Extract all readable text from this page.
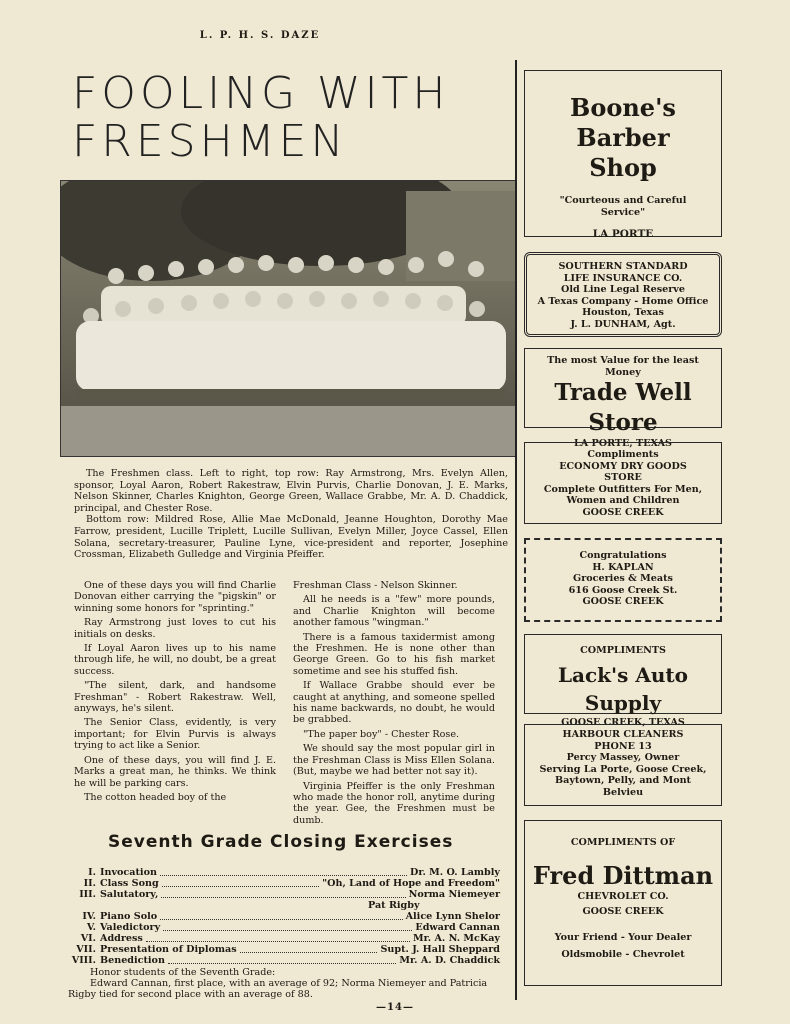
L. P. H. S. DAZE
FOOLING WITH
FRESHMEN

The Freshmen class. Left to right, top row: Ray Armstrong, Mrs. Evelyn Allen, sponsor, Loyal Aaron, Robert Rakestraw, Elvin Purvis, Charlie Donovan, J. E. Marks, Nelson Skinner, Charles Knighton, George Green, Wallace Grabbe, Mr. A. D. Chaddick, principal, and Chester Rose.

Bottom row: Mildred Rose, Allie Mae McDonald, Jeanne Houghton, Dorothy Mae Farrow, president, Lucille Triplett, Lucille Sullivan, Evelyn Miller, Joyce Cassel, Ellen Solana, secretary-treasurer, Pauline Lyne, vice-president and reporter, Josephine Crossman, Elizabeth Gulledge and Virginia Pfeiffer.

One of these days you will find Charlie Donovan either carrying the "pigskin" or winning some honors for "sprinting."

Ray Armstrong just loves to cut his initials on desks.

If Loyal Aaron lives up to his name through life, he will, no doubt, be a great success.

"The silent, dark, and handsome Freshman" - Robert Rakestraw. Well, anyways, he's silent.

The Senior Class, evidently, is very important; for Elvin Purvis is always trying to act like a Senior.

One of these days, you will find J. E. Marks a great man, he thinks. We think he will be parking cars.

The cotton headed boy of the

Freshman Class - Nelson Skinner.

All he needs is a "few" more pounds, and Charlie Knighton will become another famous "wingman."

There is a famous taxidermist among the Freshmen. He is none other than George Green. Go to his fish market sometime and see his stuffed fish.

If Wallace Grabbe should ever be caught at anything, and someone spelled his name backwards, no doubt, he would be grabbed.

"The paper boy" - Chester Rose.

We should say the most popular girl in the Freshman Class is Miss Ellen Solana. (But, maybe we had better not say it).

Virginia Pfeiffer is the only Freshman who made the honor roll, anytime during the year. Gee, the Freshmen must be dumb.

Seventh Grade Closing Exercises
I. Invocation	Dr. M. O. Lambly
II. Class Song	"Oh, Land of Hope and Freedom"
III. Salutatory,	Norma Niemeyer
Pat Rigby
IV. Piano Solo	Alice Lynn Shelor
V. Valedictory	Edward Cannan
VI. Address	Mr. A. N. McKay
VII. Presentation of Diplomas	Supt. J. Hall Sheppard
VIII. Benediction	Mr. A. D. Chaddick

Honor students of the Seventh Grade:

Edward Cannan, first place, with an average of 92; Norma Niemeyer and Patricia Rigby tied for second place with an average of 88.

—14—
Boone's Barber
Shop
"Courteous and Careful Service"
LA PORTE
SOUTHERN STANDARD
LIFE INSURANCE CO.
Old Line Legal Reserve
A Texas Company - Home Office
Houston, Texas
J. L. DUNHAM, Agt.
The most Value for the least Money
Trade Well Store
LA PORTE, TEXAS
Compliments
ECONOMY DRY GOODS
STORE
Complete Outfitters For Men,
Women and Children
GOOSE CREEK
Congratulations
H. KAPLAN
Groceries & Meats
616 Goose Creek St.
GOOSE CREEK
COMPLIMENTS
Lack's Auto Supply
GOOSE CREEK, TEXAS
HARBOUR CLEANERS
PHONE 13
Percy Massey, Owner
Serving La Porte, Goose Creek,
Baytown, Pelly, and Mont
Belvieu
COMPLIMENTS OF
Fred Dittman
CHEVROLET CO.
GOOSE CREEK
Your Friend - Your Dealer
Oldsmobile - Chevrolet
